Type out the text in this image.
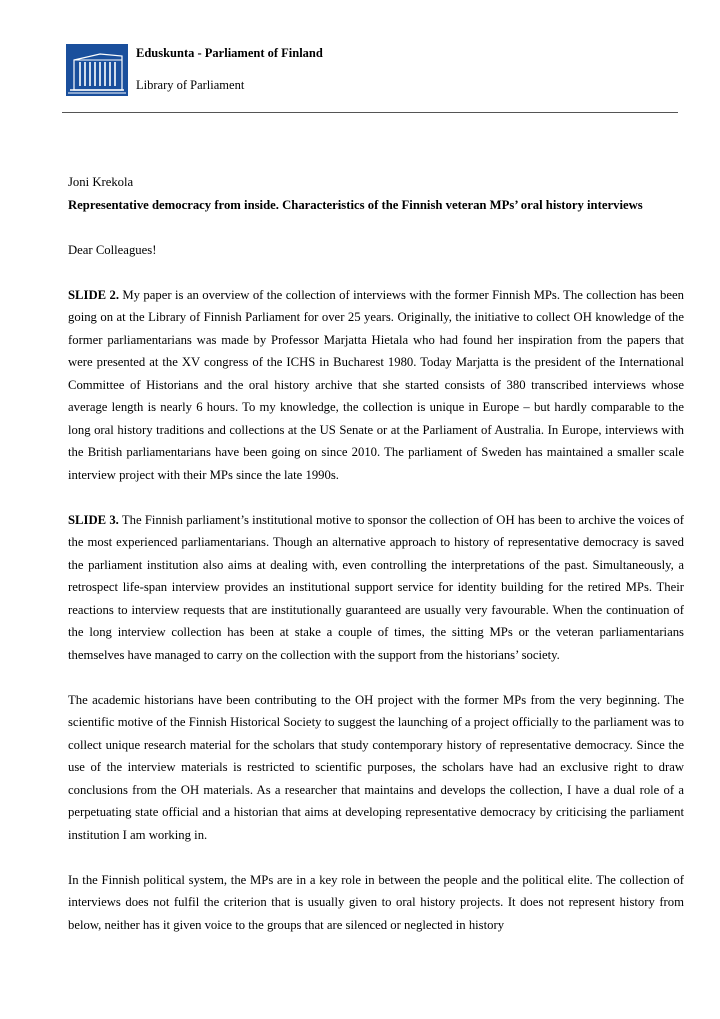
Eduskunta - Parliament of Finland
Library of Parliament

Joni Krekola

Representative democracy from inside. Characteristics of the Finnish veteran MPs’ oral history interviews

Dear Colleagues!

SLIDE 2. My paper is an overview of the collection of interviews with the former Finnish MPs. The collection has been going on at the Library of Finnish Parliament for over 25 years. Originally, the initiative to collect OH knowledge of the former parliamentarians was made by Professor Marjatta Hietala who had found her inspiration from the papers that were presented at the XV congress of the ICHS in Bucharest 1980. Today Marjatta is the president of the International Committee of Historians and the oral history archive that she started consists of 380 transcribed interviews whose average length is nearly 6 hours. To my knowledge, the collection is unique in Europe – but hardly comparable to the long oral history traditions and collections at the US Senate or at the Parliament of Australia. In Europe, interviews with the British parliamentarians have been going on since 2010. The parliament of Sweden has maintained a smaller scale interview project with their MPs since the late 1990s.

SLIDE 3. The Finnish parliament’s institutional motive to sponsor the collection of OH has been to archive the voices of the most experienced parliamentarians. Though an alternative approach to history of representative democracy is saved the parliament institution also aims at dealing with, even controlling the interpretations of the past. Simultaneously, a retrospect life-span interview provides an institutional support service for identity building for the retired MPs. Their reactions to interview requests that are institutionally guaranteed are usually very favourable. When the continuation of the long interview collection has been at stake a couple of times, the sitting MPs or the veteran parliamentarians themselves have managed to carry on the collection with the support from the historians’ society.

The academic historians have been contributing to the OH project with the former MPs from the very beginning. The scientific motive of the Finnish Historical Society to suggest the launching of a project officially to the parliament was to collect unique research material for the scholars that study contemporary history of representative democracy. Since the use of the interview materials is restricted to scientific purposes, the scholars have had an exclusive right to draw conclusions from the OH materials. As a researcher that maintains and develops the collection, I have a dual role of a perpetuating state official and a historian that aims at developing representative democracy by criticising the parliament institution I am working in.

In the Finnish political system, the MPs are in a key role in between the people and the political elite. The collection of interviews does not fulfil the criterion that is usually given to oral history projects. It does not represent history from below, neither has it given voice to the groups that are silenced or neglected in history
